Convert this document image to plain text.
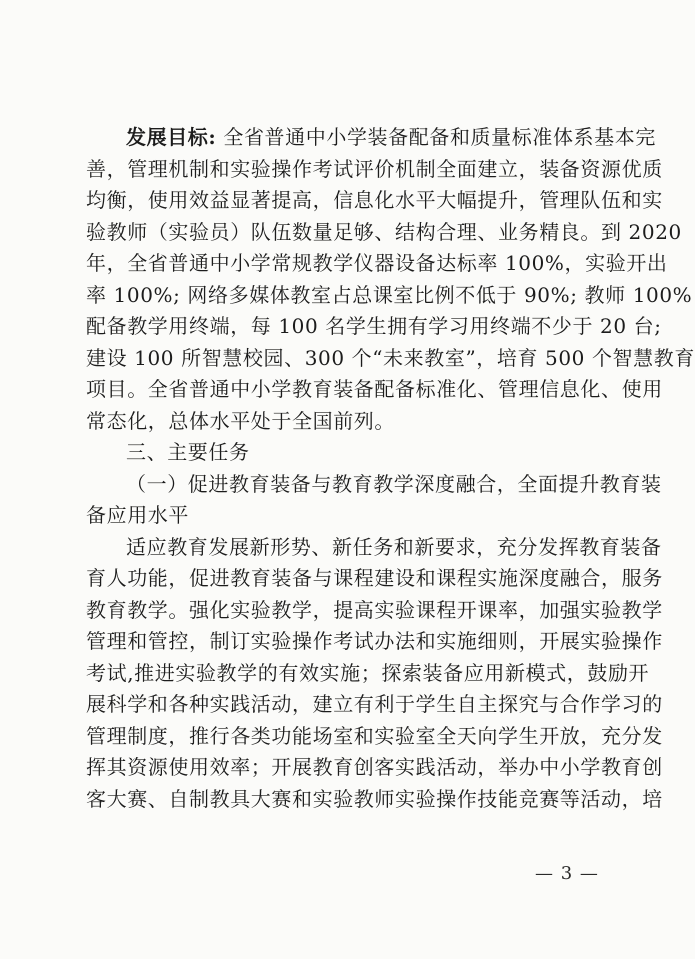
发展目标: 全省普通中小学装备配备和质量标准体系基本完
善，管理机制和实验操作考试评价机制全面建立，装备资源优质
均衡，使用效益显著提高，信息化水平大幅提升，管理队伍和实
验教师（实验员）队伍数量足够、结构合理、业务精良。到 2020
年，全省普通中小学常规教学仪器设备达标率 100%，实验开出
率 100%; 网络多媒体教室占总课室比例不低于 90%; 教师 100%
配备教学用终端，每 100 名学生拥有学习用终端不少于 20 台;
建设 100 所智慧校园、300 个“未来教室”，培育 500 个智慧教育
项目。全省普通中小学教育装备配备标准化、管理信息化、使用
常态化，总体水平处于全国前列。
三、主要任务
（一）促进教育装备与教育教学深度融合，全面提升教育装
备应用水平
适应教育发展新形势、新任务和新要求，充分发挥教育装备
育人功能，促进教育装备与课程建设和课程实施深度融合，服务
教育教学。强化实验教学，提高实验课程开课率，加强实验教学
管理和管控，制订实验操作考试办法和实施细则，开展实验操作
考试,推进实验教学的有效实施；探索装备应用新模式，鼓励开
展科学和各种实践活动，建立有利于学生自主探究与合作学习的
管理制度，推行各类功能场室和实验室全天向学生开放，充分发
挥其资源使用效率；开展教育创客实践活动，举办中小学教育创
客大赛、自制教具大赛和实验教师实验操作技能竞赛等活动，培
— 3 —
